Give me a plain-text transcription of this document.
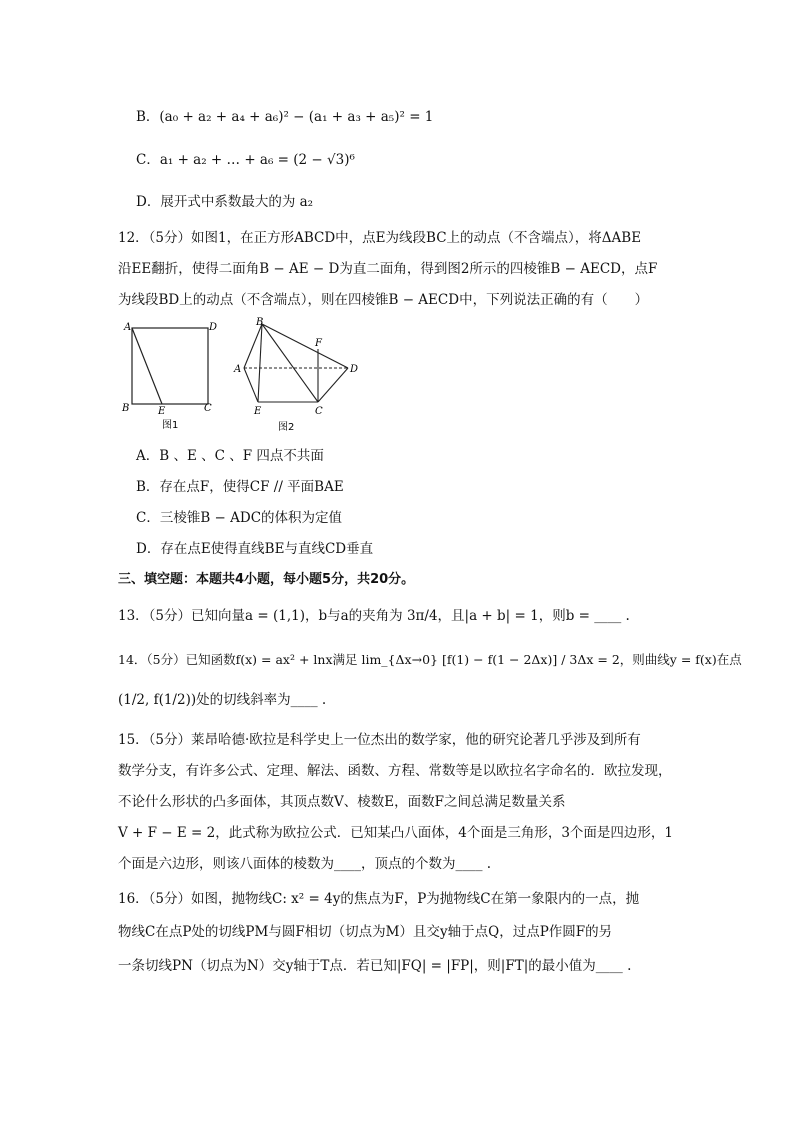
B．(a₀ + a₂ + a₄ + a₆)² − (a₁ + a₃ + a₅)² = 1
C．a₁ + a₂ + … + a₆ = (2 − √3)⁶
D．展开式中系数最大的为 a₂
12．（5分）如图1，在正方形ABCD中，点E为线段BC上的动点（不含端点），将ΔABE
沿EE翻折，使得二面角B − AE − D为直二面角，得到图2所示的四棱锥B − AECD，点F
为线段BD上的动点（不含端点），则在四棱锥B − AECD中，下列说法正确的有（　　）
A	D
B	E	C
图1
B
F
A	D
E	C
图2
A．B 、E 、C 、F 四点不共面
B．存在点F，使得CF // 平面BAE
C．三棱锥B − ADC的体积为定值
D．存在点E使得直线BE与直线CD垂直
三、填空题：本题共4小题，每小题5分，共20分。
13．（5分）已知向量a = (1,1)，b与a的夹角为 3π/4，且|a + b| = 1，则b = ____ .
14．（5分）已知函数f(x) = ax² + lnx满足 lim_{Δx→0} [f(1) − f(1 − 2Δx)] / 3Δx = 2，则曲线y = f(x)在点
(1/2, f(1/2))处的切线斜率为____ .
15．（5分）莱昂哈德·欧拉是科学史上一位杰出的数学家，他的研究论著几乎涉及到所有
数学分支，有许多公式、定理、解法、函数、方程、常数等是以欧拉名字命名的．欧拉发现，
不论什么形状的凸多面体，其顶点数V、棱数E，面数F之间总满足数量关系
V + F − E = 2，此式称为欧拉公式．已知某凸八面体，4个面是三角形，3个面是四边形，1
个面是六边形，则该八面体的棱数为____，顶点的个数为____ .
16．（5分）如图，抛物线C: x² = 4y的焦点为F，P为抛物线C在第一象限内的一点，抛
物线C在点P处的切线PM与圆F相切（切点为M）且交y轴于点Q，过点P作圆F的另
一条切线PN（切点为N）交y轴于T点．若已知|FQ| = |FP|，则|FT|的最小值为____ .
